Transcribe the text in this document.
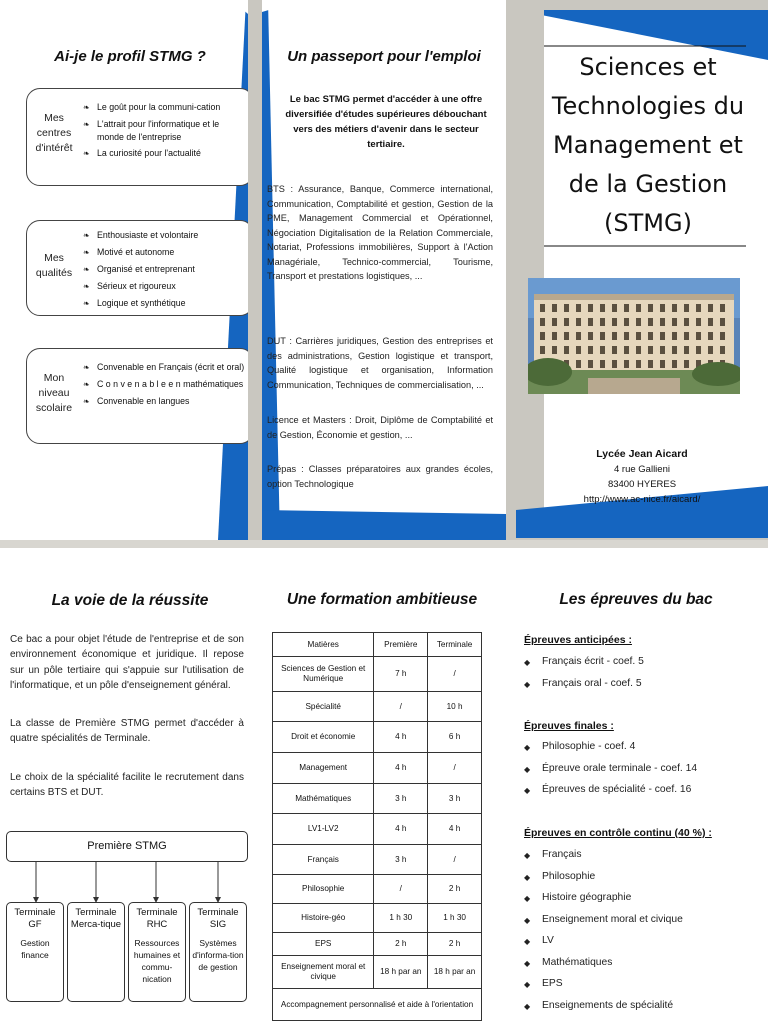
Ai-je le profil STMG ?
Mes
centres
d'intérêt
❧ Le goût pour la communi-cation
❧ L'attrait pour l'informatique et le monde de l'entreprise
❧ La curiosité pour l'actualité
Mes
qualités
❧ Enthousiaste et volontaire
❧ Motivé et autonome
❧ Organisé et entreprenant
❧ Sérieux et rigoureux
❧ Logique et synthétique
Mon
niveau
scolaire
❧ Convenable en Français (écrit et oral)
❧ C o n v e n a b l e e n mathématiques
❧ Convenable en langues
Un passeport pour l'emploi
Le bac STMG permet d'accéder à une offre diversifiée d'études supérieures débouchant vers des métiers d'avenir dans le secteur tertiaire.
BTS : Assurance, Banque, Commerce international, Communication, Comptabilité et gestion, Gestion de la PME, Management Commercial et Opérationnel, Négociation Digitalisation de la Relation Commerciale, Notariat, Professions immobilières, Support à l'Action Managériale, Technico-commercial, Tourisme, Transport et prestations logistiques, ...
DUT : Carrières juridiques, Gestion des entreprises et des administrations, Gestion logistique et transport, Qualité logistique et organisation, Information Communication, Techniques de commercialisation, ...
Licence et Masters : Droit, Diplôme de Comptabilité et de Gestion, Économie et gestion, ...
Prépas : Classes préparatoires aux grandes écoles, option Technologique
Sciences et Technologies du Management et de la Gestion (STMG)
Lycée Jean Aicard
4 rue Gallieni
83400 HYERES
http://www.ac-nice.fr/aicard/
La voie de la réussite
Ce bac a pour objet l'étude de l'entreprise et de son environnement économique et juridique. Il repose sur un pôle tertiaire qui s'appuie sur l'utilisation de l'informatique, et un pôle d'enseignement général.
La classe de Première STMG permet d'accéder à quatre spécialités de Terminale.
Le choix de la spécialité facilite le recrutement dans certains BTS et DUT.
Première STMG
Terminale GF
Gestion finance
Terminale Merca-tique
Terminale RHC
Ressources humaines et commu-nication
Terminale SIG
Systèmes d'informa-tion de gestion
Une formation ambitieuse
Matières	Première	Terminale
Sciences de Gestion et Numérique	7 h	/
Spécialité	/	10 h
Droit et économie	4 h	6 h
Management	4 h	/
Mathématiques	3 h	3 h
LV1-LV2	4 h	4 h
Français	3 h	/
Philosophie	/	2 h
Histoire-géo	1 h 30	1 h 30
EPS	2 h	2 h
Enseignement moral et civique	18 h par an	18 h par an
Accompagnement personnalisé et aide à l'orientation		
Les épreuves du bac
Épreuves anticipées :
◆ Français écrit - coef. 5
◆ Français oral - coef. 5
Épreuves finales :
◆ Philosophie - coef. 4
◆ Épreuve orale terminale - coef. 14
◆ Épreuves de spécialité - coef. 16
Épreuves en contrôle continu (40 %) :
◆ Français
◆ Philosophie
◆ Histoire géographie
◆ Enseignement moral et civique
◆ LV
◆ Mathématiques
◆ EPS
◆ Enseignements de spécialité
